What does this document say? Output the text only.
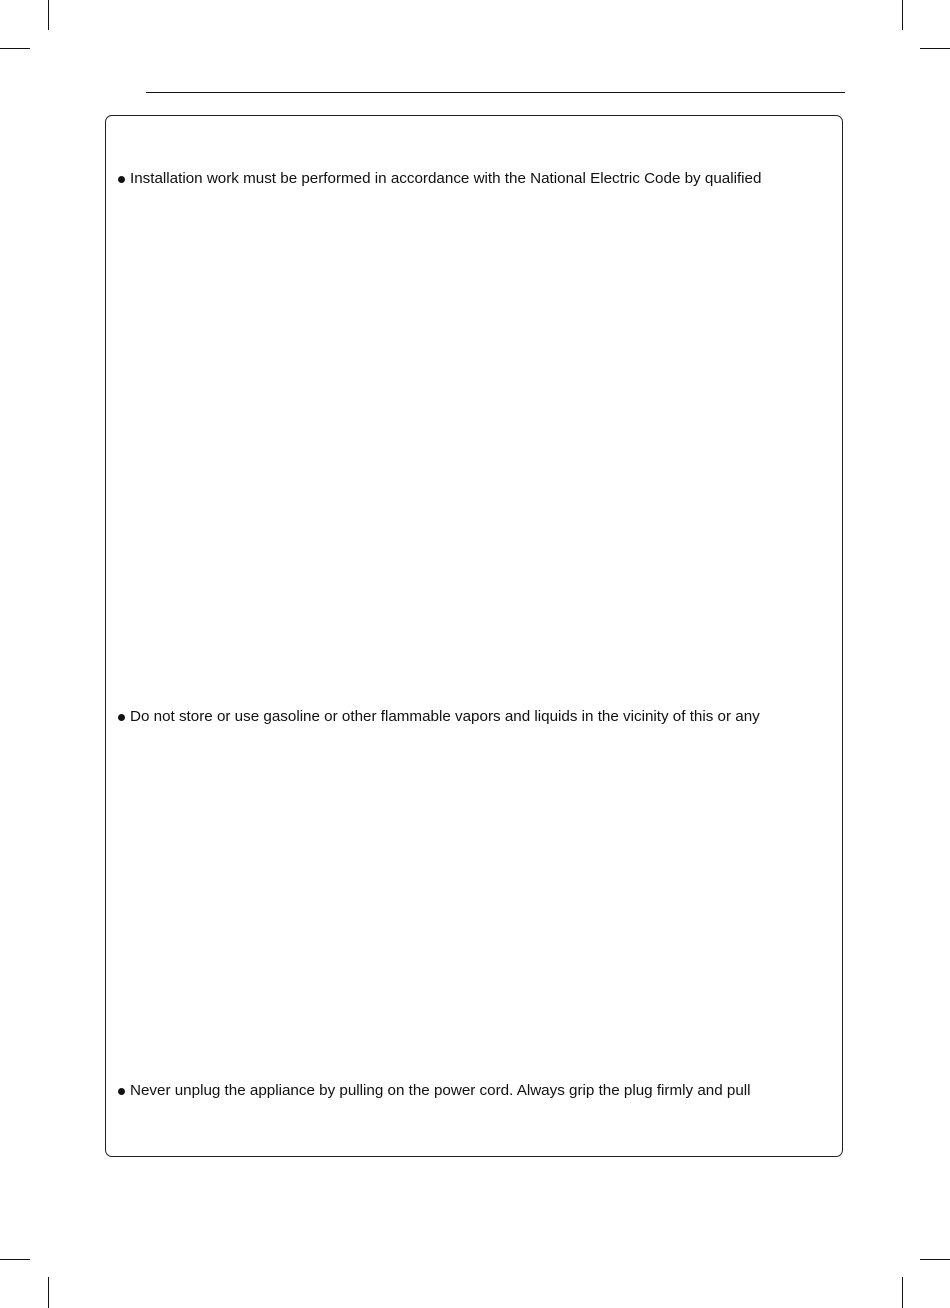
Installation work must be performed in accordance with the National Electric Code by qualified
Do not store or use gasoline or other flammable vapors and liquids in the vicinity of this or any
Never unplug the appliance by pulling on the power cord. Always grip the plug firmly and pull
